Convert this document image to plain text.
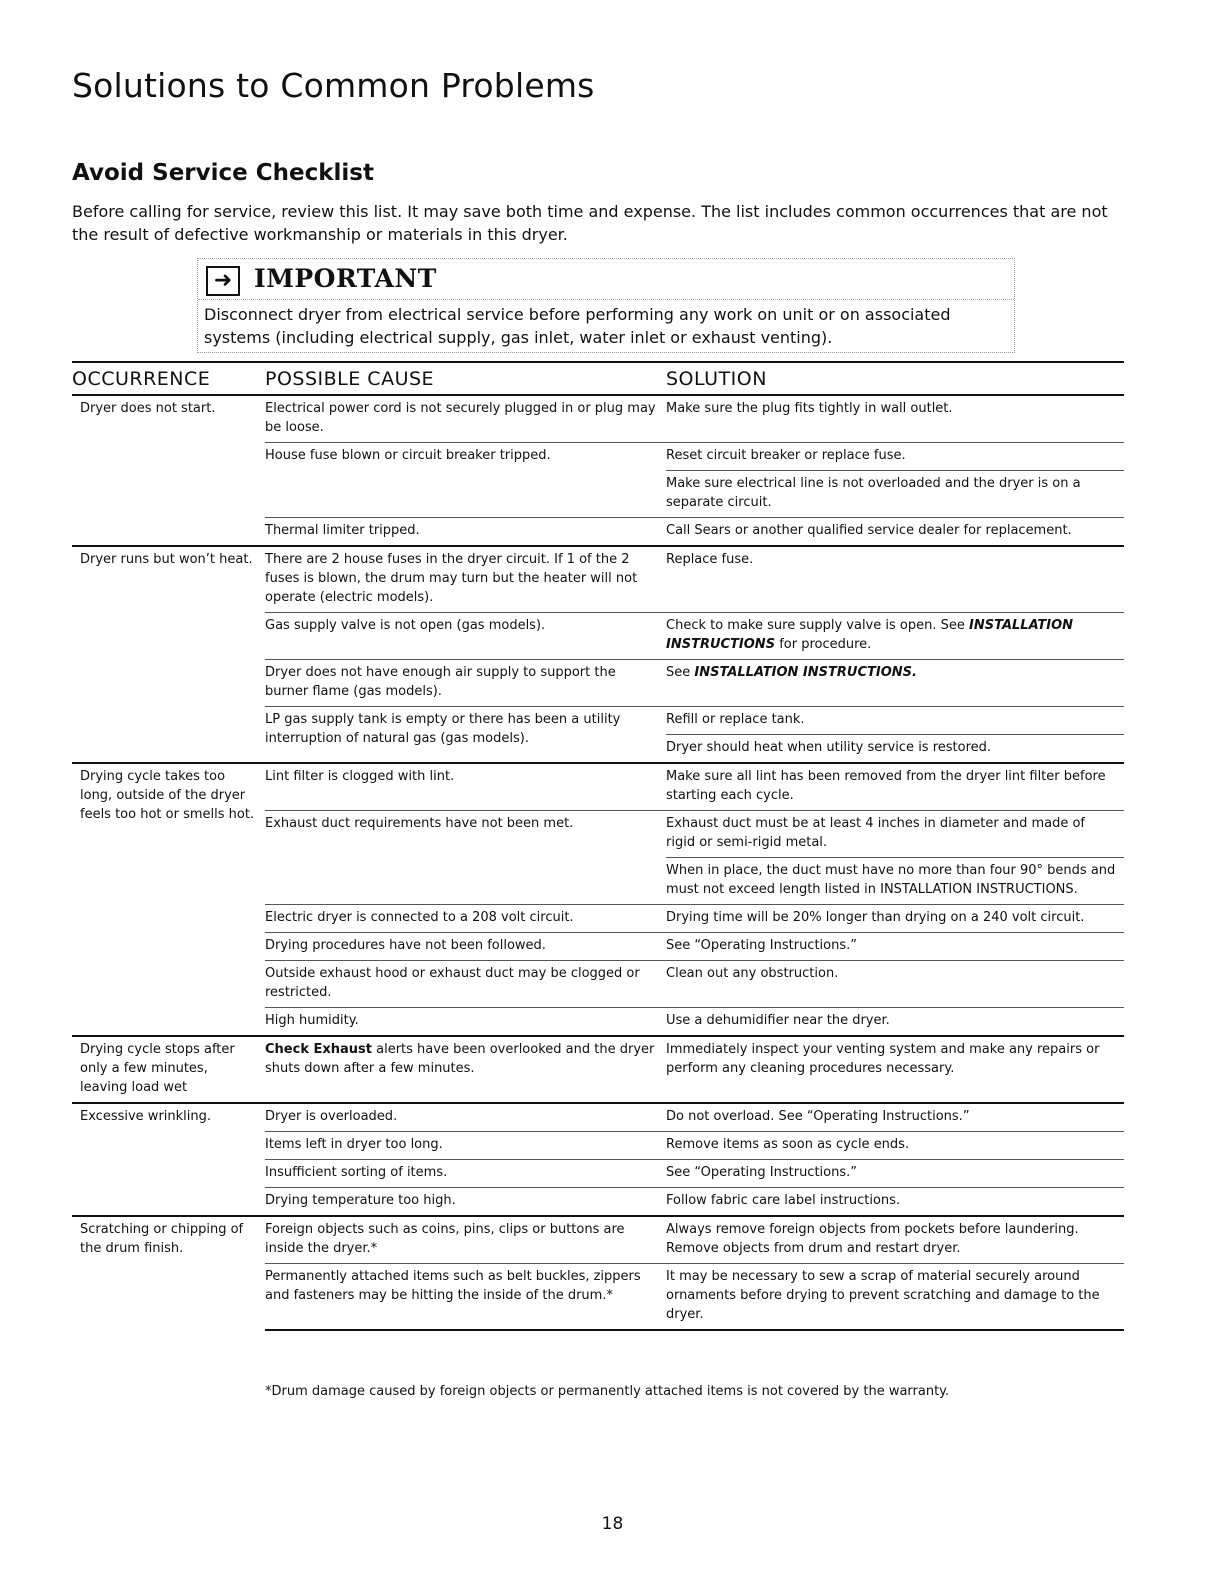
Solutions to Common Problems
Avoid Service Checklist

Before calling for service, review this list. It may save both time and expense. The list includes common occurrences that are not the result of defective workmanship or materials in this dryer.

➜ IMPORTANT

Disconnect dryer from electrical service before performing any work on unit or on associated systems (including electrical supply, gas inlet, water inlet or exhaust venting).

OCCURRENCE	POSSIBLE CAUSE	SOLUTION
Dryer does not start.	Electrical power cord is not securely plugged in or plug may be loose.	Make sure the plug fits tightly in wall outlet.
	House fuse blown or circuit breaker tripped.	Reset circuit breaker or replace fuse.
		Make sure electrical line is not overloaded and the dryer is on a separate circuit.
	Thermal limiter tripped.	Call Sears or another qualified service dealer for replacement.
Dryer runs but won’t heat.	There are 2 house fuses in the dryer circuit. If 1 of the 2 fuses is blown, the drum may turn but the heater will not operate (electric models).	Replace fuse.
	Gas supply valve is not open (gas models).	Check to make sure supply valve is open. See INSTALLATION INSTRUCTIONS for procedure.
	Dryer does not have enough air supply to support the burner flame (gas models).	See INSTALLATION INSTRUCTIONS.
	LP gas supply tank is empty or there has been a utility interruption of natural gas (gas models).	Refill or replace tank.
		Dryer should heat when utility service is restored.
Drying cycle takes too long, outside of the dryer feels too hot or smells hot.	Lint filter is clogged with lint.	Make sure all lint has been removed from the dryer lint filter before starting each cycle.
	Exhaust duct requirements have not been met.	Exhaust duct must be at least 4 inches in diameter and made of rigid or semi-rigid metal.
		When in place, the duct must have no more than four 90° bends and must not exceed length listed in INSTALLATION INSTRUCTIONS.
	Electric dryer is connected to a 208 volt circuit.	Drying time will be 20% longer than drying on a 240 volt circuit.
	Drying procedures have not been followed.	See “Operating Instructions.”
	Outside exhaust hood or exhaust duct may be clogged or restricted.	Clean out any obstruction.
	High humidity.	Use a dehumidifier near the dryer.
Drying cycle stops after only a few minutes, leaving load wet	Check Exhaust alerts have been overlooked and the dryer shuts down after a few minutes.	Immediately inspect your venting system and make any repairs or perform any cleaning procedures necessary.
Excessive wrinkling.	Dryer is overloaded.	Do not overload. See “Operating Instructions.”
	Items left in dryer too long.	Remove items as soon as cycle ends.
	Insufficient sorting of items.	See “Operating Instructions.”
	Drying temperature too high.	Follow fabric care label instructions.
Scratching or chipping of the drum finish.	Foreign objects such as coins, pins, clips or buttons are inside the dryer.*	Always remove foreign objects from pockets before laundering. Remove objects from drum and restart dryer.
	Permanently attached items such as belt buckles, zippers and fasteners may be hitting the inside of the drum.*	It may be necessary to sew a scrap of material securely around ornaments before drying to prevent scratching and damage to the dryer.

*Drum damage caused by foreign objects or permanently attached items is not covered by the warranty.

18
